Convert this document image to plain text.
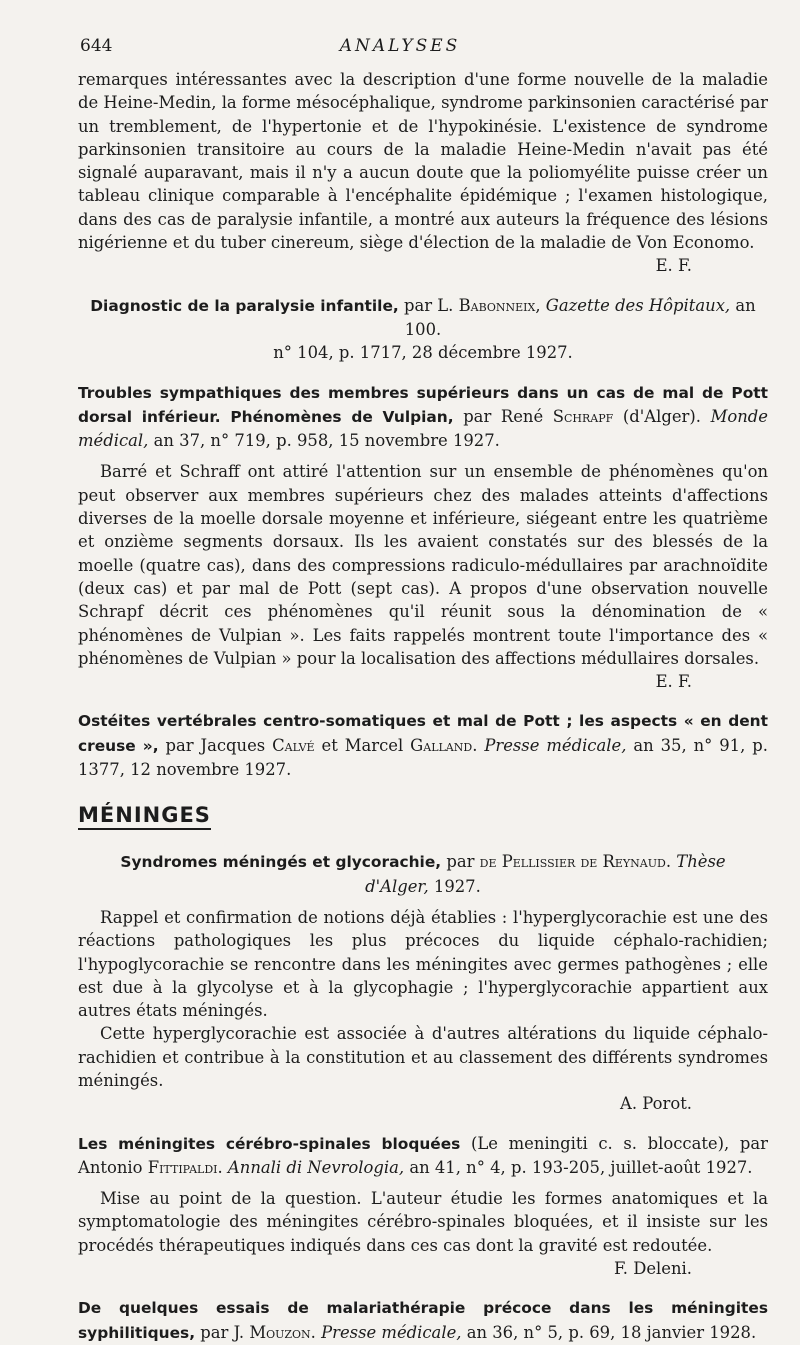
644	ANALYSES

remarques intéressantes avec la description d'une forme nouvelle de la maladie de Heine-Medin, la forme mésocéphalique, syndrome parkinsonien caractérisé par un tremblement, de l'hypertonie et de l'hypokinésie. L'existence de syndrome parkinsonien transitoire au cours de la maladie Heine-Medin n'avait pas été signalé auparavant, mais il n'y a aucun doute que la poliomyélite puisse créer un tableau clinique comparable à l'encéphalite épidémique ; l'examen histologique, dans des cas de paralysie infantile, a montré aux auteurs la fréquence des lésions nigérienne et du tuber cinereum, siège d'élection de la maladie de Von Economo.

E. F.
Diagnostic de la paralysie infantile, par L. Babonneix, Gazette des Hôpitaux, an 100.
n° 104, p. 1717, 28 décembre 1927.
Troubles sympathiques des membres supérieurs dans un cas de mal de Pott dorsal inférieur. Phénomènes de Vulpian, par René Schrapf (d'Alger). Monde médical, an 37, n° 719, p. 958, 15 novembre 1927.

Barré et Schraff ont attiré l'attention sur un ensemble de phénomènes qu'on peut observer aux membres supérieurs chez des malades atteints d'affections diverses de la moelle dorsale moyenne et inférieure, siégeant entre les quatrième et onzième segments dorsaux. Ils les avaient constatés sur des blessés de la moelle (quatre cas), dans des compressions radiculo-médullaires par arachnoïdite (deux cas) et par mal de Pott (sept cas). A propos d'une observation nouvelle Schrapf décrit ces phénomènes qu'il réunit sous la dénomination de « phénomènes de Vulpian ». Les faits rappelés montrent toute l'importance des « phénomènes de Vulpian » pour la localisation des affections médullaires dorsales.

E. F.
Ostéites vertébrales centro-somatiques et mal de Pott ; les aspects « en dent creuse », par Jacques Calvé et Marcel Galland. Presse médicale, an 35, n° 91, p. 1377, 12 novembre 1927.
MÉNINGES
Syndromes méningés et glycorachie, par de Pellissier de Reynaud. Thèse
d'Alger, 1927.

Rappel et confirmation de notions déjà établies : l'hyperglycorachie est une des réactions pathologiques les plus précoces du liquide céphalo-rachidien; l'hypoglycorachie se rencontre dans les méningites avec germes pathogènes ; elle est due à la glycolyse et à la glycophagie ; l'hyperglycorachie appartient aux autres états méningés.

Cette hyperglycorachie est associée à d'autres altérations du liquide céphalo-rachidien et contribue à la constitution et au classement des différents syndromes méningés.

A. Porot.
Les méningites cérébro-spinales bloquées (Le meningiti c. s. bloccate), par Antonio Fittipaldi. Annali di Nevrologia, an 41, n° 4, p. 193-205, juillet-août 1927.

Mise au point de la question. L'auteur étudie les formes anatomiques et la symptomatologie des méningites cérébro-spinales bloquées, et il insiste sur les procédés thérapeutiques indiqués dans ces cas dont la gravité est redoutée.

F. Deleni.
De quelques essais de malariathérapie précoce dans les méningites syphilitiques, par J. Mouzon. Presse médicale, an 36, n° 5, p. 69, 18 janvier 1928.
